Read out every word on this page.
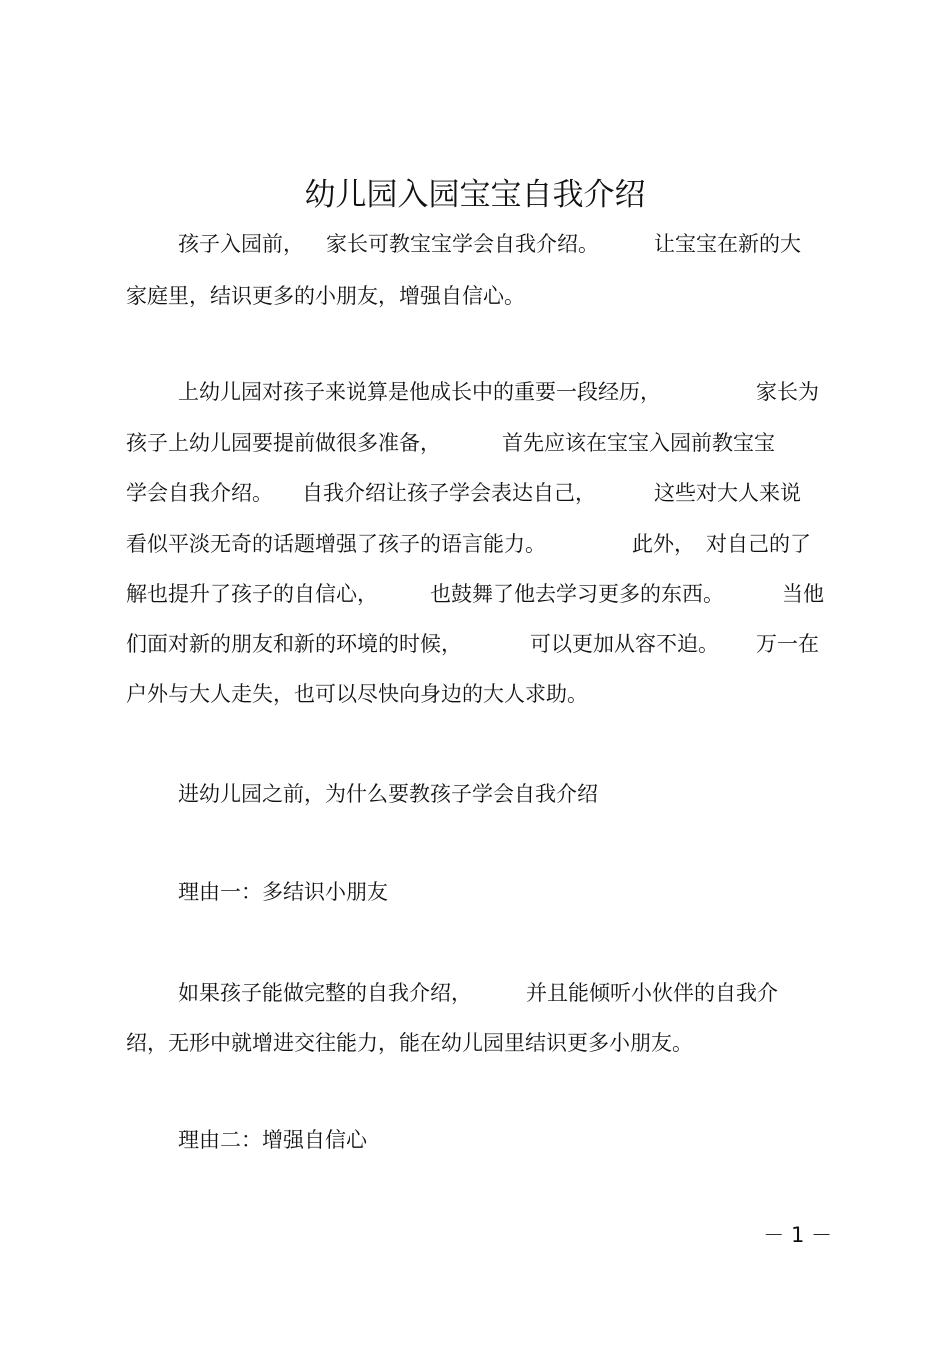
幼儿园入园宝宝自我介绍
孩子入园前， 家长可教宝宝学会自我介绍。	让宝宝在新的大
家庭里，结识更多的小朋友，增强自信心。
上幼儿园对孩子来说算是他成长中的重要一段经历，	家长为
孩子上幼儿园要提前做很多准备，	首先应该在宝宝入园前教宝宝
学会自我介绍。 自我介绍让孩子学会表达自己，	这些对大人来说
看似平淡无奇的话题增强了孩子的语言能力。	此外， 对自己的了
解也提升了孩子的自信心， 也鼓舞了他去学习更多的东西。	当他
们面对新的朋友和新的环境的时候，	可以更加从容不迫。 万一在
户外与大人走失，也可以尽快向身边的大人求助。
进幼儿园之前，为什么要教孩子学会自我介绍
理由一：多结识小朋友
如果孩子能做完整的自我介绍，	并且能倾听小伙伴的自我介
绍，无形中就增进交往能力，能在幼儿园里结识更多小朋友。
理由二：增强自信心
－ 1 －
